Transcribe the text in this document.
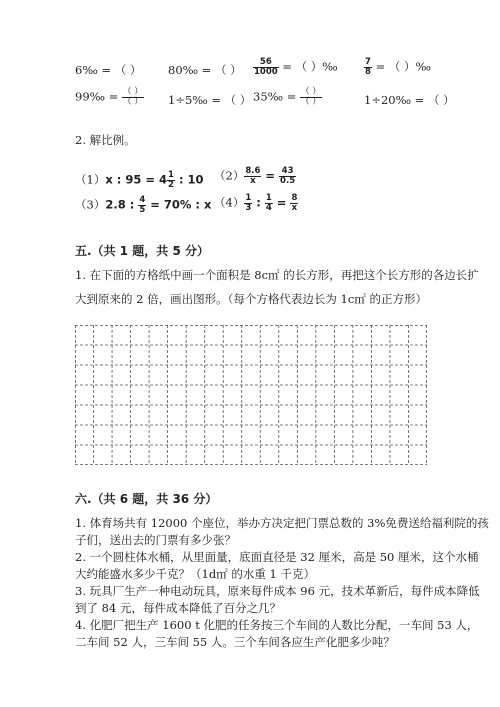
6‰ = （ ） 80‰ = （ ） $\frac{56}{1000}$ = （ ）‰	$\frac{7}{8}$ = （ ）‰
99‰ = $\frac{( )}{( )}$ 1÷5‰ = （ ） 35‰ = $\frac{( )}{( )}$	1÷20‰ = （ ）
2. 解比例。
（1）x : $95 = 4 \frac{1}{2}$ : 10 $(2) \frac{8.6}{x} = \frac{43}{0.5}$
（3）2.8 : $\frac{4}{5} = 70\%$ : x $(4) \frac{1}{3}$ : $\frac{1}{4} = \frac{8}{x}$
五.（共 1 题，共 5 分）
1. 在下面的方格纸中画一个面积是 8c㎡ 的长方形，再把这个长方形的各边长扩
大到原来的 2 倍，画出图形。（每个方格代表边长为 1c㎡ 的正方形）
六.（共 6 题，共 36 分）
1. 体育场共有 12000 个座位，举办方决定把门票总数的 3%免费送给福利院的孩
子们，送出去的门票有多少张？
2. 一个圆柱体水桶，从里面量，底面直径是 32 厘米，高是 50 厘米，这个水桶
大约能盛水多少千克？（1d㎡ 的水重 1 千克）
3. 玩具厂生产一种电动玩具，原来每件成本 96 元，技术革新后，每件成本降低
到了 84 元，每件成本降低了百分之几？
4. 化肥厂把生产 1600 t 化肥的任务按三个车间的人数比分配，一车间 53 人，
二车间 52 人，三车间 55 人。三个车间各应生产化肥多少吨？
